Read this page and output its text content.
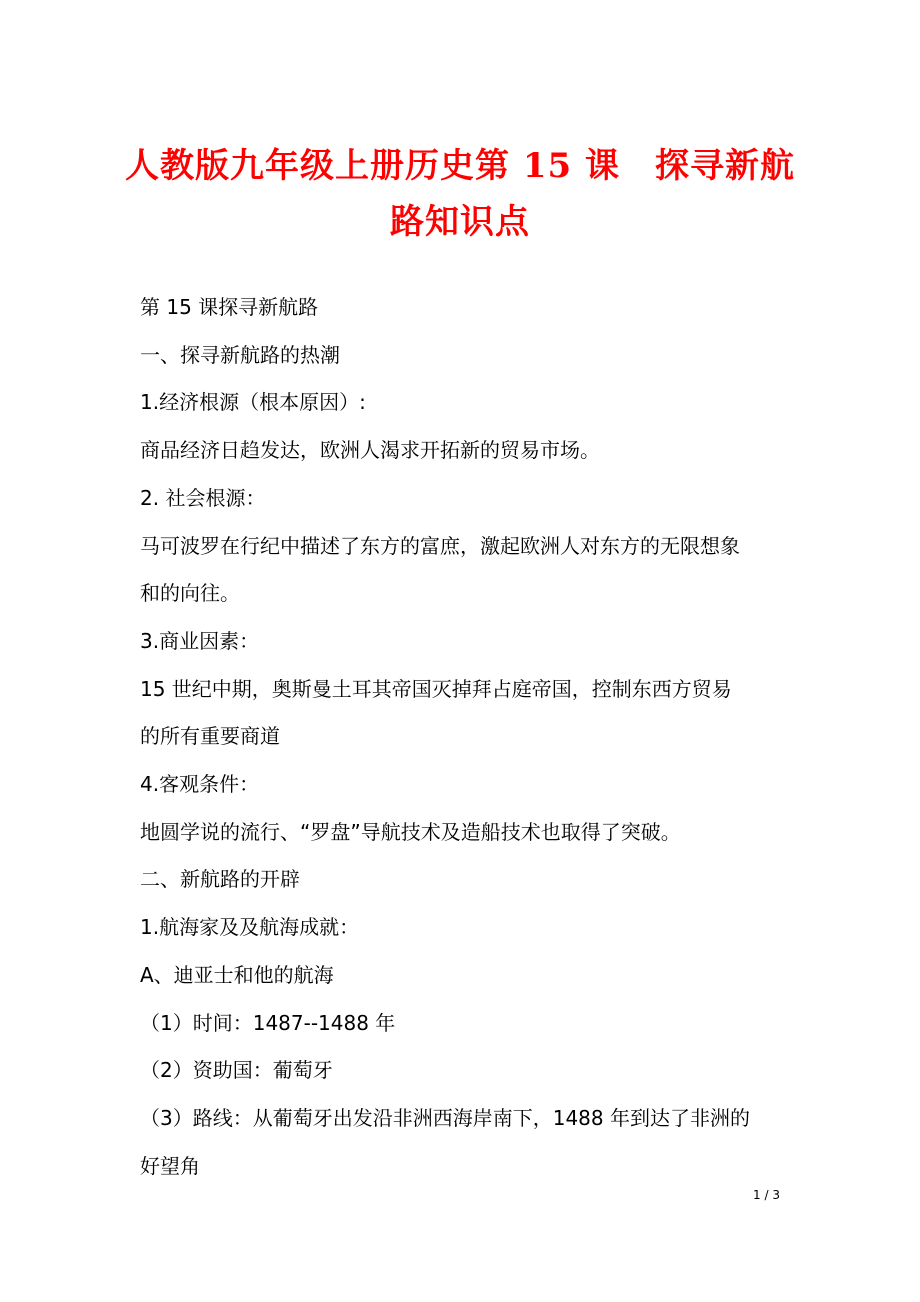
人教版九年级上册历史第 15 课　探寻新航
路知识点

第 15 课探寻新航路

一、探寻新航路的热潮

1.经济根源（根本原因）:

商品经济日趋发达，欧洲人渴求开拓新的贸易市场。

2. 社会根源：

马可波罗在行纪中描述了东方的富庶，激起欧洲人对东方的无限想象

和的向往。

3.商业因素：

15 世纪中期，奥斯曼土耳其帝国灭掉拜占庭帝国，控制东西方贸易

的所有重要商道

4.客观条件：

地圆学说的流行、“罗盘”导航技术及造船技术也取得了突破。

二、新航路的开辟

1.航海家及及航海成就：

A、迪亚士和他的航海

（1）时间：1487--1488 年

（2）资助国：葡萄牙

（3）路线：从葡萄牙出发沿非洲西海岸南下，1488 年到达了非洲的

好望角

1 / 3
